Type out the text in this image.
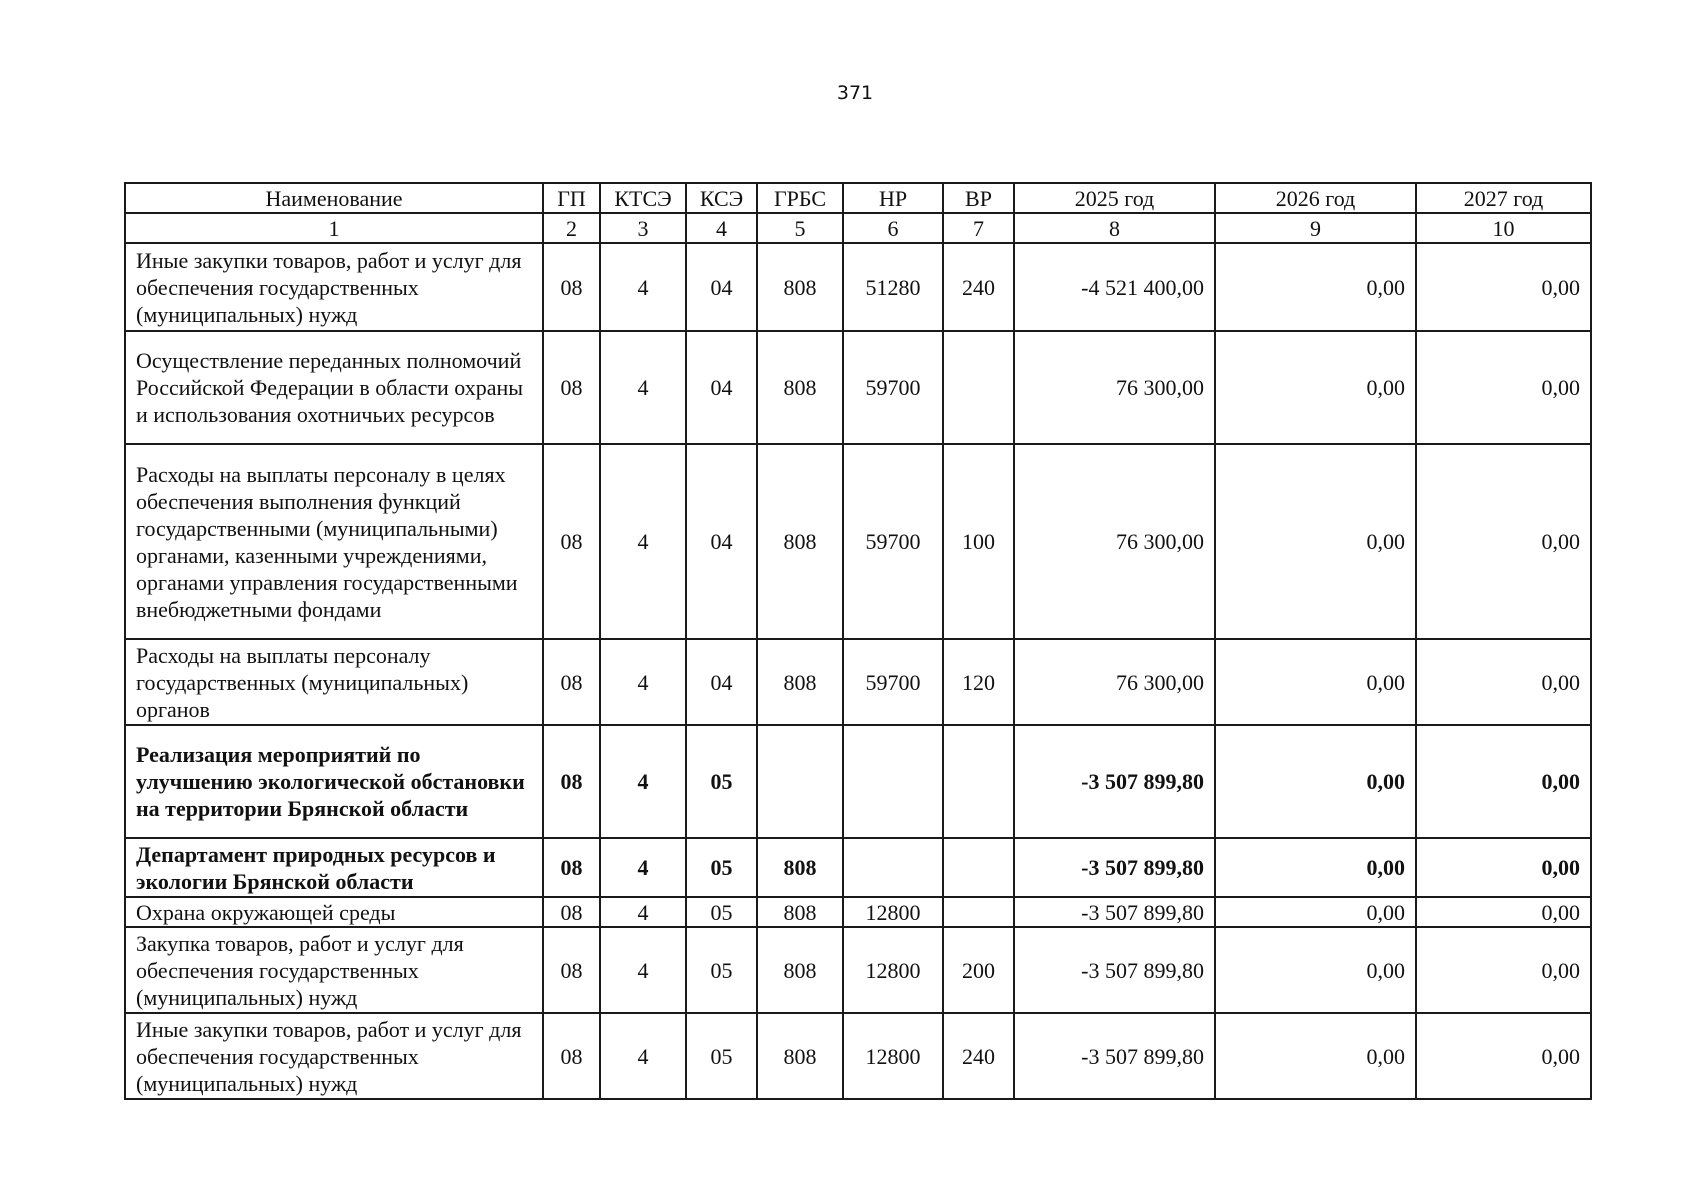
371
Наименование	ГП	КТСЭ	КСЭ	ГРБС	НР	ВР	2025 год	2026 год	2027 год
1	2	3	4	5	6	7	8	9	10
Иные закупки товаров, работ и услуг для обеспечения государственных (муниципальных) нужд	08	4	04	808	51280	240	-4 521 400,00	0,00	0,00
Осуществление переданных полномочий Российской Федерации в области охраны и использования охотничьих ресурсов	08	4	04	808	59700		76 300,00	0,00	0,00
Расходы на выплаты персоналу в целях обеспечения выполнения функций государственными (муниципальными) органами, казенными учреждениями, органами управления государственными внебюджетными фондами	08	4	04	808	59700	100	76 300,00	0,00	0,00
Расходы на выплаты персоналу государственных (муниципальных) органов	08	4	04	808	59700	120	76 300,00	0,00	0,00
Реализация мероприятий по улучшению экологической обстановки на территории Брянской области	08	4	05				-3 507 899,80	0,00	0,00
Департамент природных ресурсов и экологии Брянской области	08	4	05	808			-3 507 899,80	0,00	0,00
Охрана окружающей среды	08	4	05	808	12800		-3 507 899,80	0,00	0,00
Закупка товаров, работ и услуг для обеспечения государственных (муниципальных) нужд	08	4	05	808	12800	200	-3 507 899,80	0,00	0,00
Иные закупки товаров, работ и услуг для обеспечения государственных (муниципальных) нужд	08	4	05	808	12800	240	-3 507 899,80	0,00	0,00
